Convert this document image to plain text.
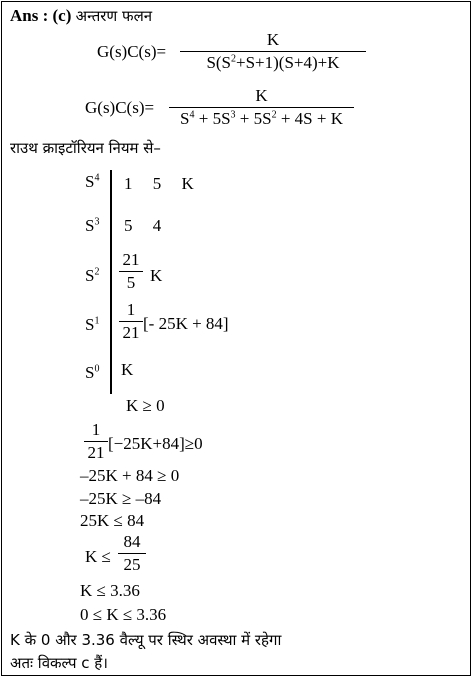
Ans : (c) अन्तरण फलन
G(s)C(s)=
K
$S(S^2+S+1)(S+4)+K$
G(s)C(s)=
K
$S^4 + 5S^3 + 5S^2 + 4S + K$
राउथ क्राइटॉरियन नियम से–
$S^4$ 1 5 K
$S^3$ 5 4
$S^2$
21
5 K
$S^1$
1
21 [- 25K + 84]
$S^0$ K
K ≥ 0
1
21 [−25K+84]≥0
–25K + 84 ≥ 0
–25K ≥ –84
25K ≤ 84
K ≤
84
25
K ≤ 3.36
0 ≤ K ≤ 3.36
K के 0 और 3.36 वैल्यू पर स्थिर अवस्था में रहेगा
अतः विकल्प c हैं।
